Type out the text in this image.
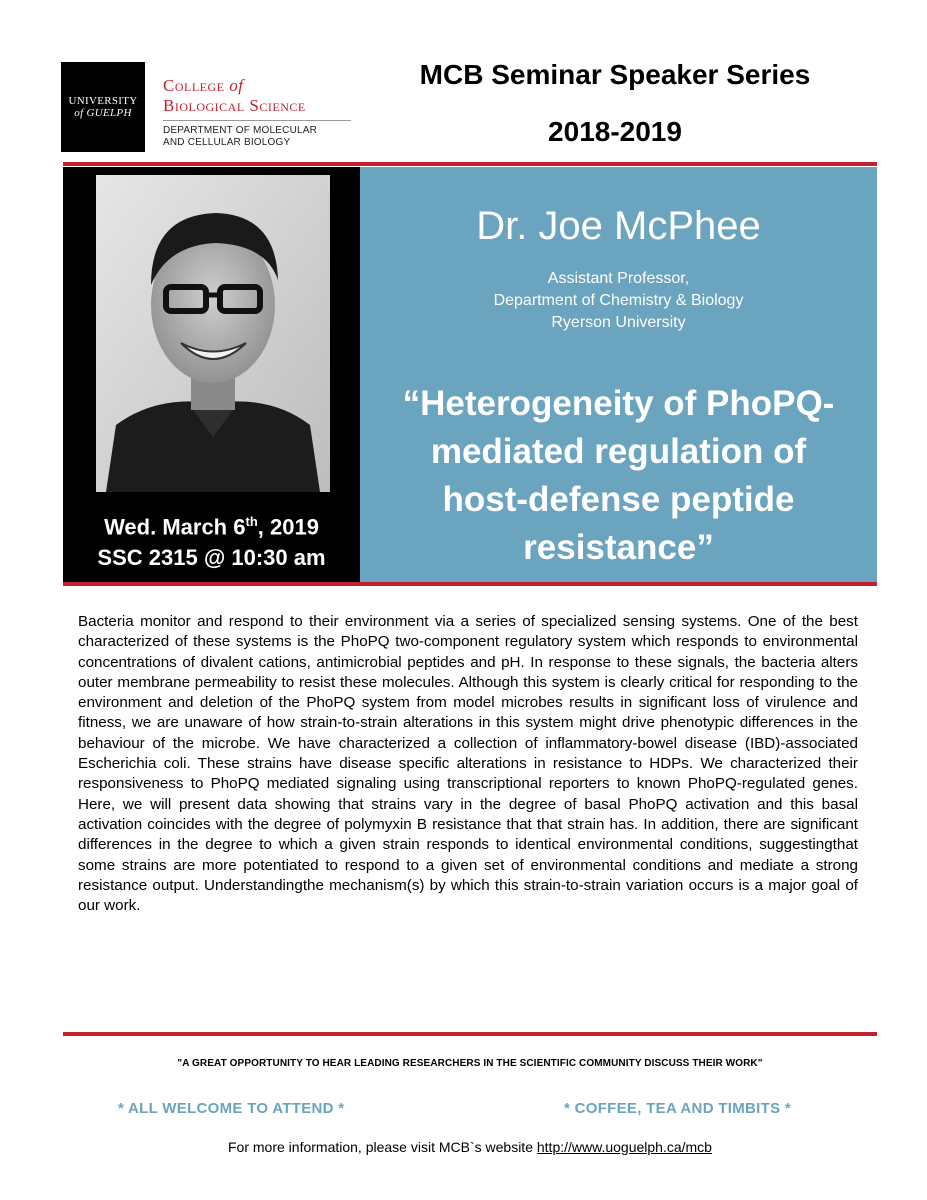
UNIVERSITY
of GUELPH
College of
Biological Science
DEPARTMENT OF MOLECULAR
AND CELLULAR BIOLOGY
MCB Seminar Speaker Series
2018-2019
Wed. March 6th, 2019
SSC 2315 @ 10:30 am
Dr. Joe McPhee
Assistant Professor,
Department of Chemistry & Biology
Ryerson University
“Heterogeneity of PhoPQ-
mediated regulation of
host-defense peptide
resistance”
Bacteria monitor and respond to their environment via a series of specialized sensing systems. One of the best characterized of these systems is the PhoPQ two-component regulatory system which responds to environmental concentrations of divalent cations, antimicrobial peptides and pH. In response to these signals, the bacteria alters outer membrane permeability to resist these molecules. Although this system is clearly critical for responding to the environment and deletion of the PhoPQ system from model microbes results in significant loss of virulence and fitness, we are unaware of how strain-to-strain alterations in this system might drive phenotypic differences in the behaviour of the microbe. We have characterized a collection of inflammatory-bowel disease (IBD)-associated Escherichia coli. These strains have disease specific alterations in resistance to HDPs. We characterized their responsiveness to PhoPQ mediated signaling using transcriptional reporters to known PhoPQ-regulated genes. Here, we will present data showing that strains vary in the degree of basal PhoPQ activation and this basal activation coincides with the degree of polymyxin B resistance that that strain has. In addition, there are significant differences in the degree to which a given strain responds to identical environmental conditions, suggestingthat some strains are more potentiated to respond to a given set of environmental conditions and mediate a strong resistance output. Understandingthe mechanism(s) by which this strain-to-strain variation occurs is a major goal of our work.
"A GREAT OPPORTUNITY TO HEAR LEADING RESEARCHERS IN THE SCIENTIFIC COMMUNITY DISCUSS THEIR WORK"
* ALL WELCOME TO ATTEND *	* COFFEE, TEA AND TIMBITS *
For more information, please visit MCB`s website http://www.uoguelph.ca/mcb
